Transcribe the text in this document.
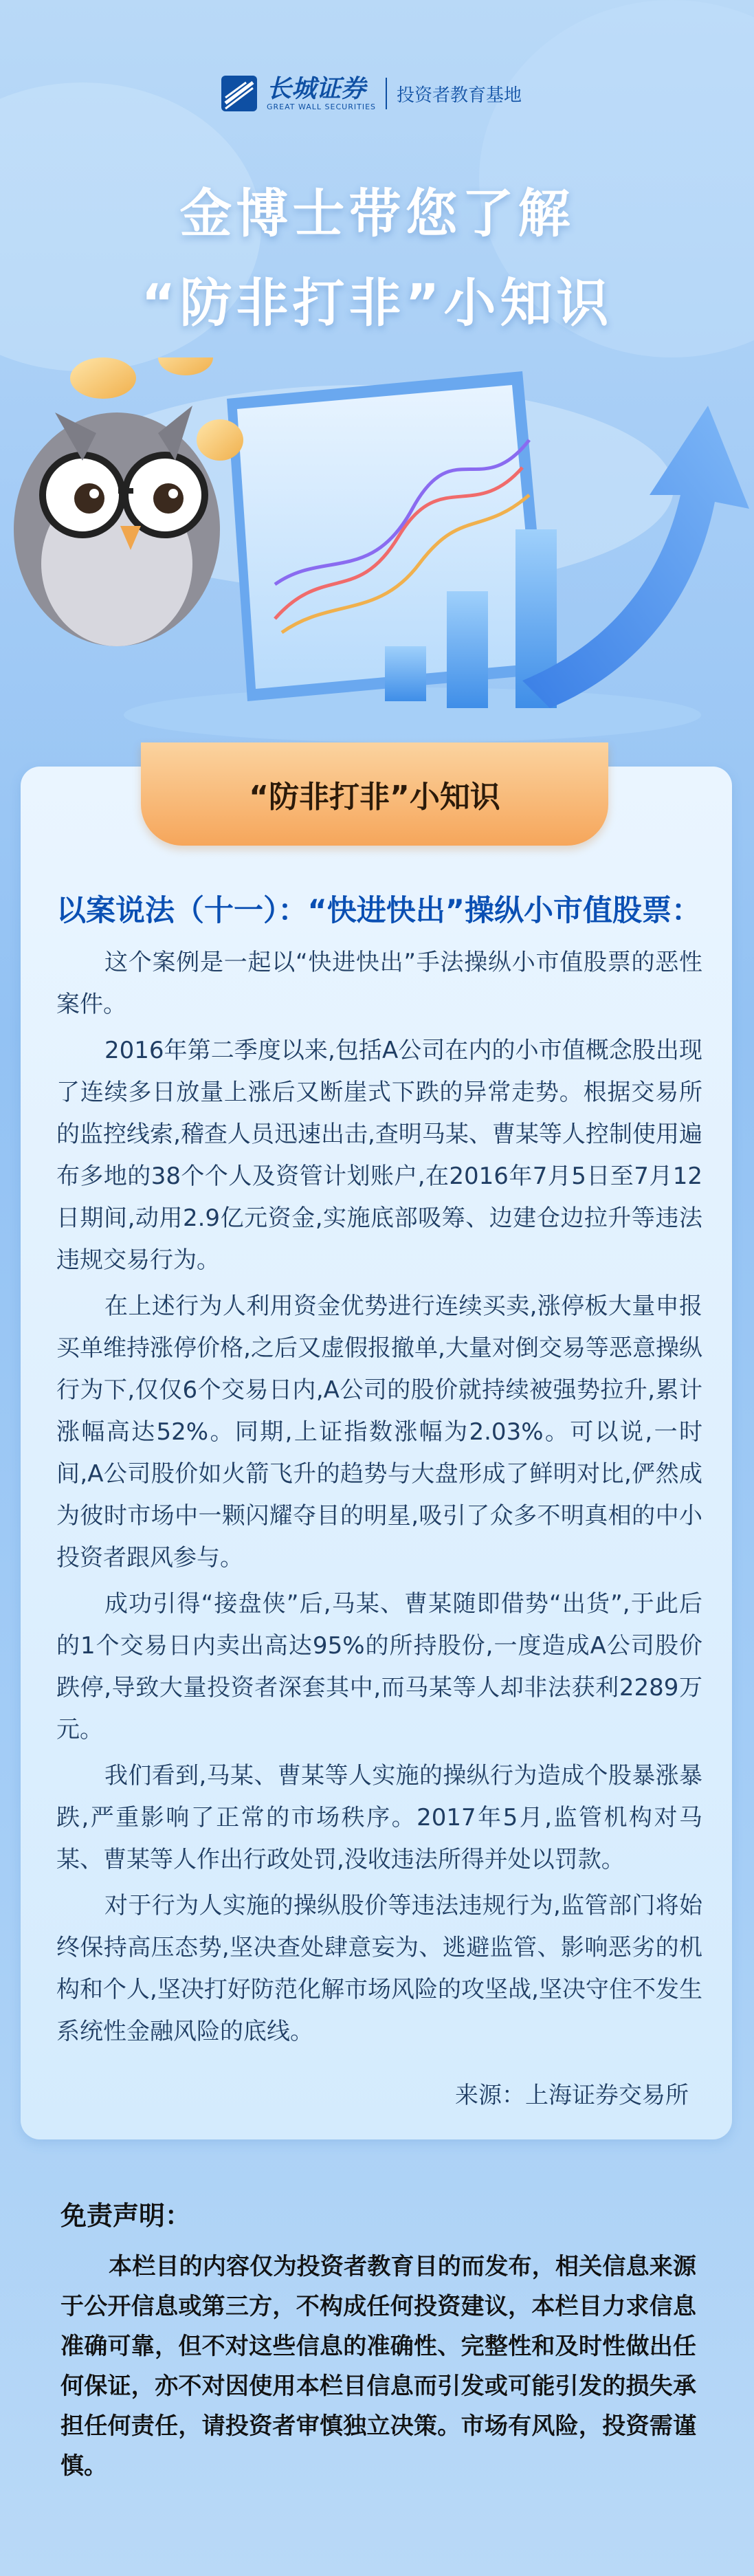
长城证券
GREAT WALL SECURITIES
投资者教育基地
金博士带您了解
“防非打非”小知识
“防非打非”小知识
以案说法（十一）：“快进快出”操纵小市值股票：

这个案例是一起以“快进快出”手法操纵小市值股票的恶性案件。

2016年第二季度以来,包括A公司在内的小市值概念股出现了连续多日放量上涨后又断崖式下跌的异常走势。根据交易所的监控线索,稽查人员迅速出击,查明马某、曹某等人控制使用遍布多地的38个个人及资管计划账户,在2016年7月5日至7月12日期间,动用2.9亿元资金,实施底部吸筹、边建仓边拉升等违法违规交易行为。

在上述行为人利用资金优势进行连续买卖,涨停板大量申报买单维持涨停价格,之后又虚假报撤单,大量对倒交易等恶意操纵行为下,仅仅6个交易日内,A公司的股价就持续被强势拉升,累计涨幅高达52%。同期,上证指数涨幅为2.03%。可以说,一时间,A公司股价如火箭飞升的趋势与大盘形成了鲜明对比,俨然成为彼时市场中一颗闪耀夺目的明星,吸引了众多不明真相的中小投资者跟风参与。

成功引得“接盘侠”后,马某、曹某随即借势“出货”,于此后的1个交易日内卖出高达95%的所持股份,一度造成A公司股价跌停,导致大量投资者深套其中,而马某等人却非法获利2289万元。

我们看到,马某、曹某等人实施的操纵行为造成个股暴涨暴跌,严重影响了正常的市场秩序。2017年5月,监管机构对马某、曹某等人作出行政处罚,没收违法所得并处以罚款。

对于行为人实施的操纵股价等违法违规行为,监管部门将始终保持高压态势,坚决查处肆意妄为、逃避监管、影响恶劣的机构和个人,坚决打好防范化解市场风险的攻坚战,坚决守住不发生系统性金融风险的底线。

来源：上海证券交易所
免责声明：

本栏目的内容仅为投资者教育目的而发布，相关信息来源于公开信息或第三方，不构成任何投资建议，本栏目力求信息准确可靠，但不对这些信息的准确性、完整性和及时性做出任何保证，亦不对因使用本栏目信息而引发或可能引发的损失承担任何责任，请投资者审慎独立决策。市场有风险，投资需谨慎。
